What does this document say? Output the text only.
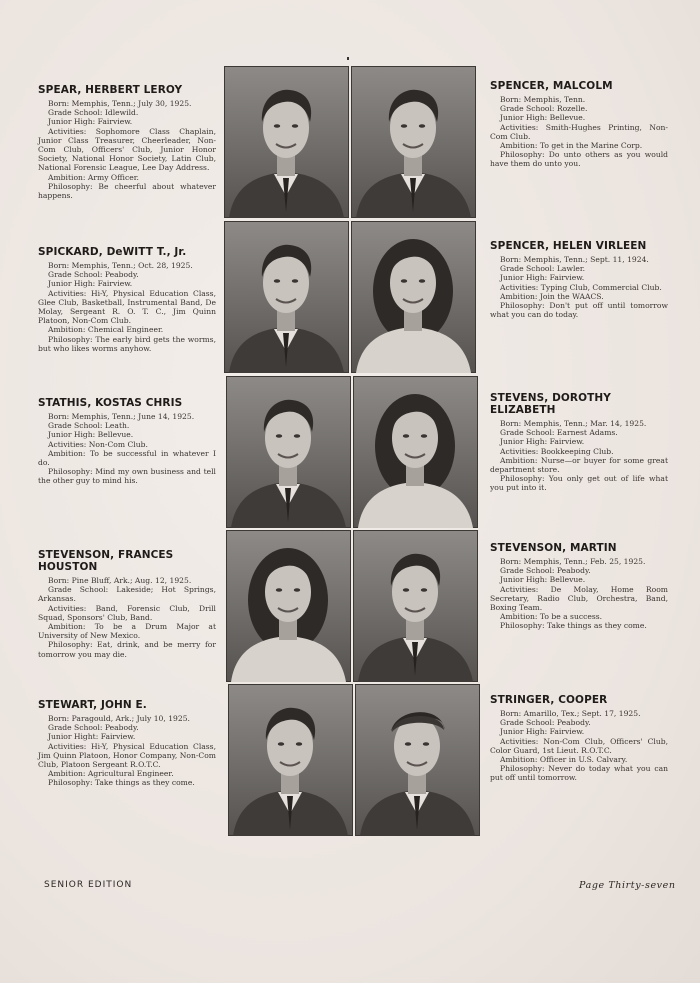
SPEAR, HERBERT LEROY

Born: Memphis, Tenn.; July 30, 1925.

Grade School: Idlewild.

Junior High: Fairview.

Activities: Sophomore Class Chaplain, Junior Class Treasurer, Cheerleader, Non-Com Club, Officers' Club, Junior Honor Society, National Honor Society, Latin Club, National Forensic League, Lee Day Address.

Ambition: Army Officer.

Philosophy: Be cheerful about whatever happens.

SPENCER, MALCOLM

Born: Memphis, Tenn.

Grade School: Rozelle.

Junior High: Bellevue.

Activities: Smith-Hughes Printing, Non-Com Club.

Ambition: To get in the Marine Corp.

Philosophy: Do unto others as you would have them do unto you.

SPICKARD, DeWITT T., Jr.

Born: Memphis, Tenn.; Oct. 28, 1925.

Grade School: Peabody.

Junior High: Fairview.

Activities: Hi-Y, Physical Education Class, Glee Club, Basketball, Instrumental Band, De Molay, Sergeant R. O. T. C., Jim Quinn Platoon, Non-Com Club.

Ambition: Chemical Engineer.

Philosophy: The early bird gets the worms, but who likes worms anyhow.

SPENCER, HELEN VIRLEEN

Born: Memphis, Tenn.; Sept. 11, 1924.

Grade School: Lawler.

Junior High: Fairview.

Activities: Typing Club, Commercial Club.

Ambition: Join the WAACS.

Philosophy: Don't put off until tomorrow what you can do today.

STATHIS, KOSTAS CHRIS

Born: Memphis, Tenn.; June 14, 1925.

Grade School: Leath.

Junior High: Bellevue.

Activities: Non-Com Club.

Ambition: To be successful in whatever I do.

Philosophy: Mind my own business and tell the other guy to mind his.

STEVENS, DOROTHY ELIZABETH

Born: Memphis, Tenn.; Mar. 14, 1925.

Grade School: Earnest Adams.

Junior High: Fairview.

Activities: Bookkeeping Club.

Ambition: Nurse—or buyer for some great department store.

Philosophy: You only get out of life what you put into it.

STEVENSON, FRANCES HOUSTON

Born: Pine Bluff, Ark.; Aug. 12, 1925.

Grade School: Lakeside; Hot Springs, Arkansas.

Activities: Band, Forensic Club, Drill Squad, Sponsors' Club, Band.

Ambition: To be a Drum Major at University of New Mexico.

Philosophy: Eat, drink, and be merry for tomorrow you may die.

STEVENSON, MARTIN

Born: Memphis, Tenn.; Feb. 25, 1925.

Grade School: Peabody.

Junior High: Bellevue.

Activities: De Molay, Home Room Secretary, Radio Club, Orchestra, Band, Boxing Team.

Ambition: To be a success.

Philosophy: Take things as they come.

STEWART, JOHN E.

Born: Paragould, Ark.; July 10, 1925.

Grade School: Peabody.

Junior Hight: Fairview.

Activities: Hi-Y, Physical Education Class, Jim Quinn Platoon, Honor Company, Non-Com Club, Platoon Sergeant R.O.T.C.

Ambition: Agricultural Engineer.

Philosophy: Take things as they come.

STRINGER, COOPER

Born: Amarillo, Tex.; Sept. 17, 1925.

Grade School: Peabody.

Junior High: Fairview.

Activities: Non-Com Club, Officers' Club, Color Guard, 1st Lieut. R.O.T.C.

Ambition: Officer in U.S. Calvary.

Philosophy: Never do today what you can put off until tomorrow.

SENIOR EDITION	Page Thirty-seven
